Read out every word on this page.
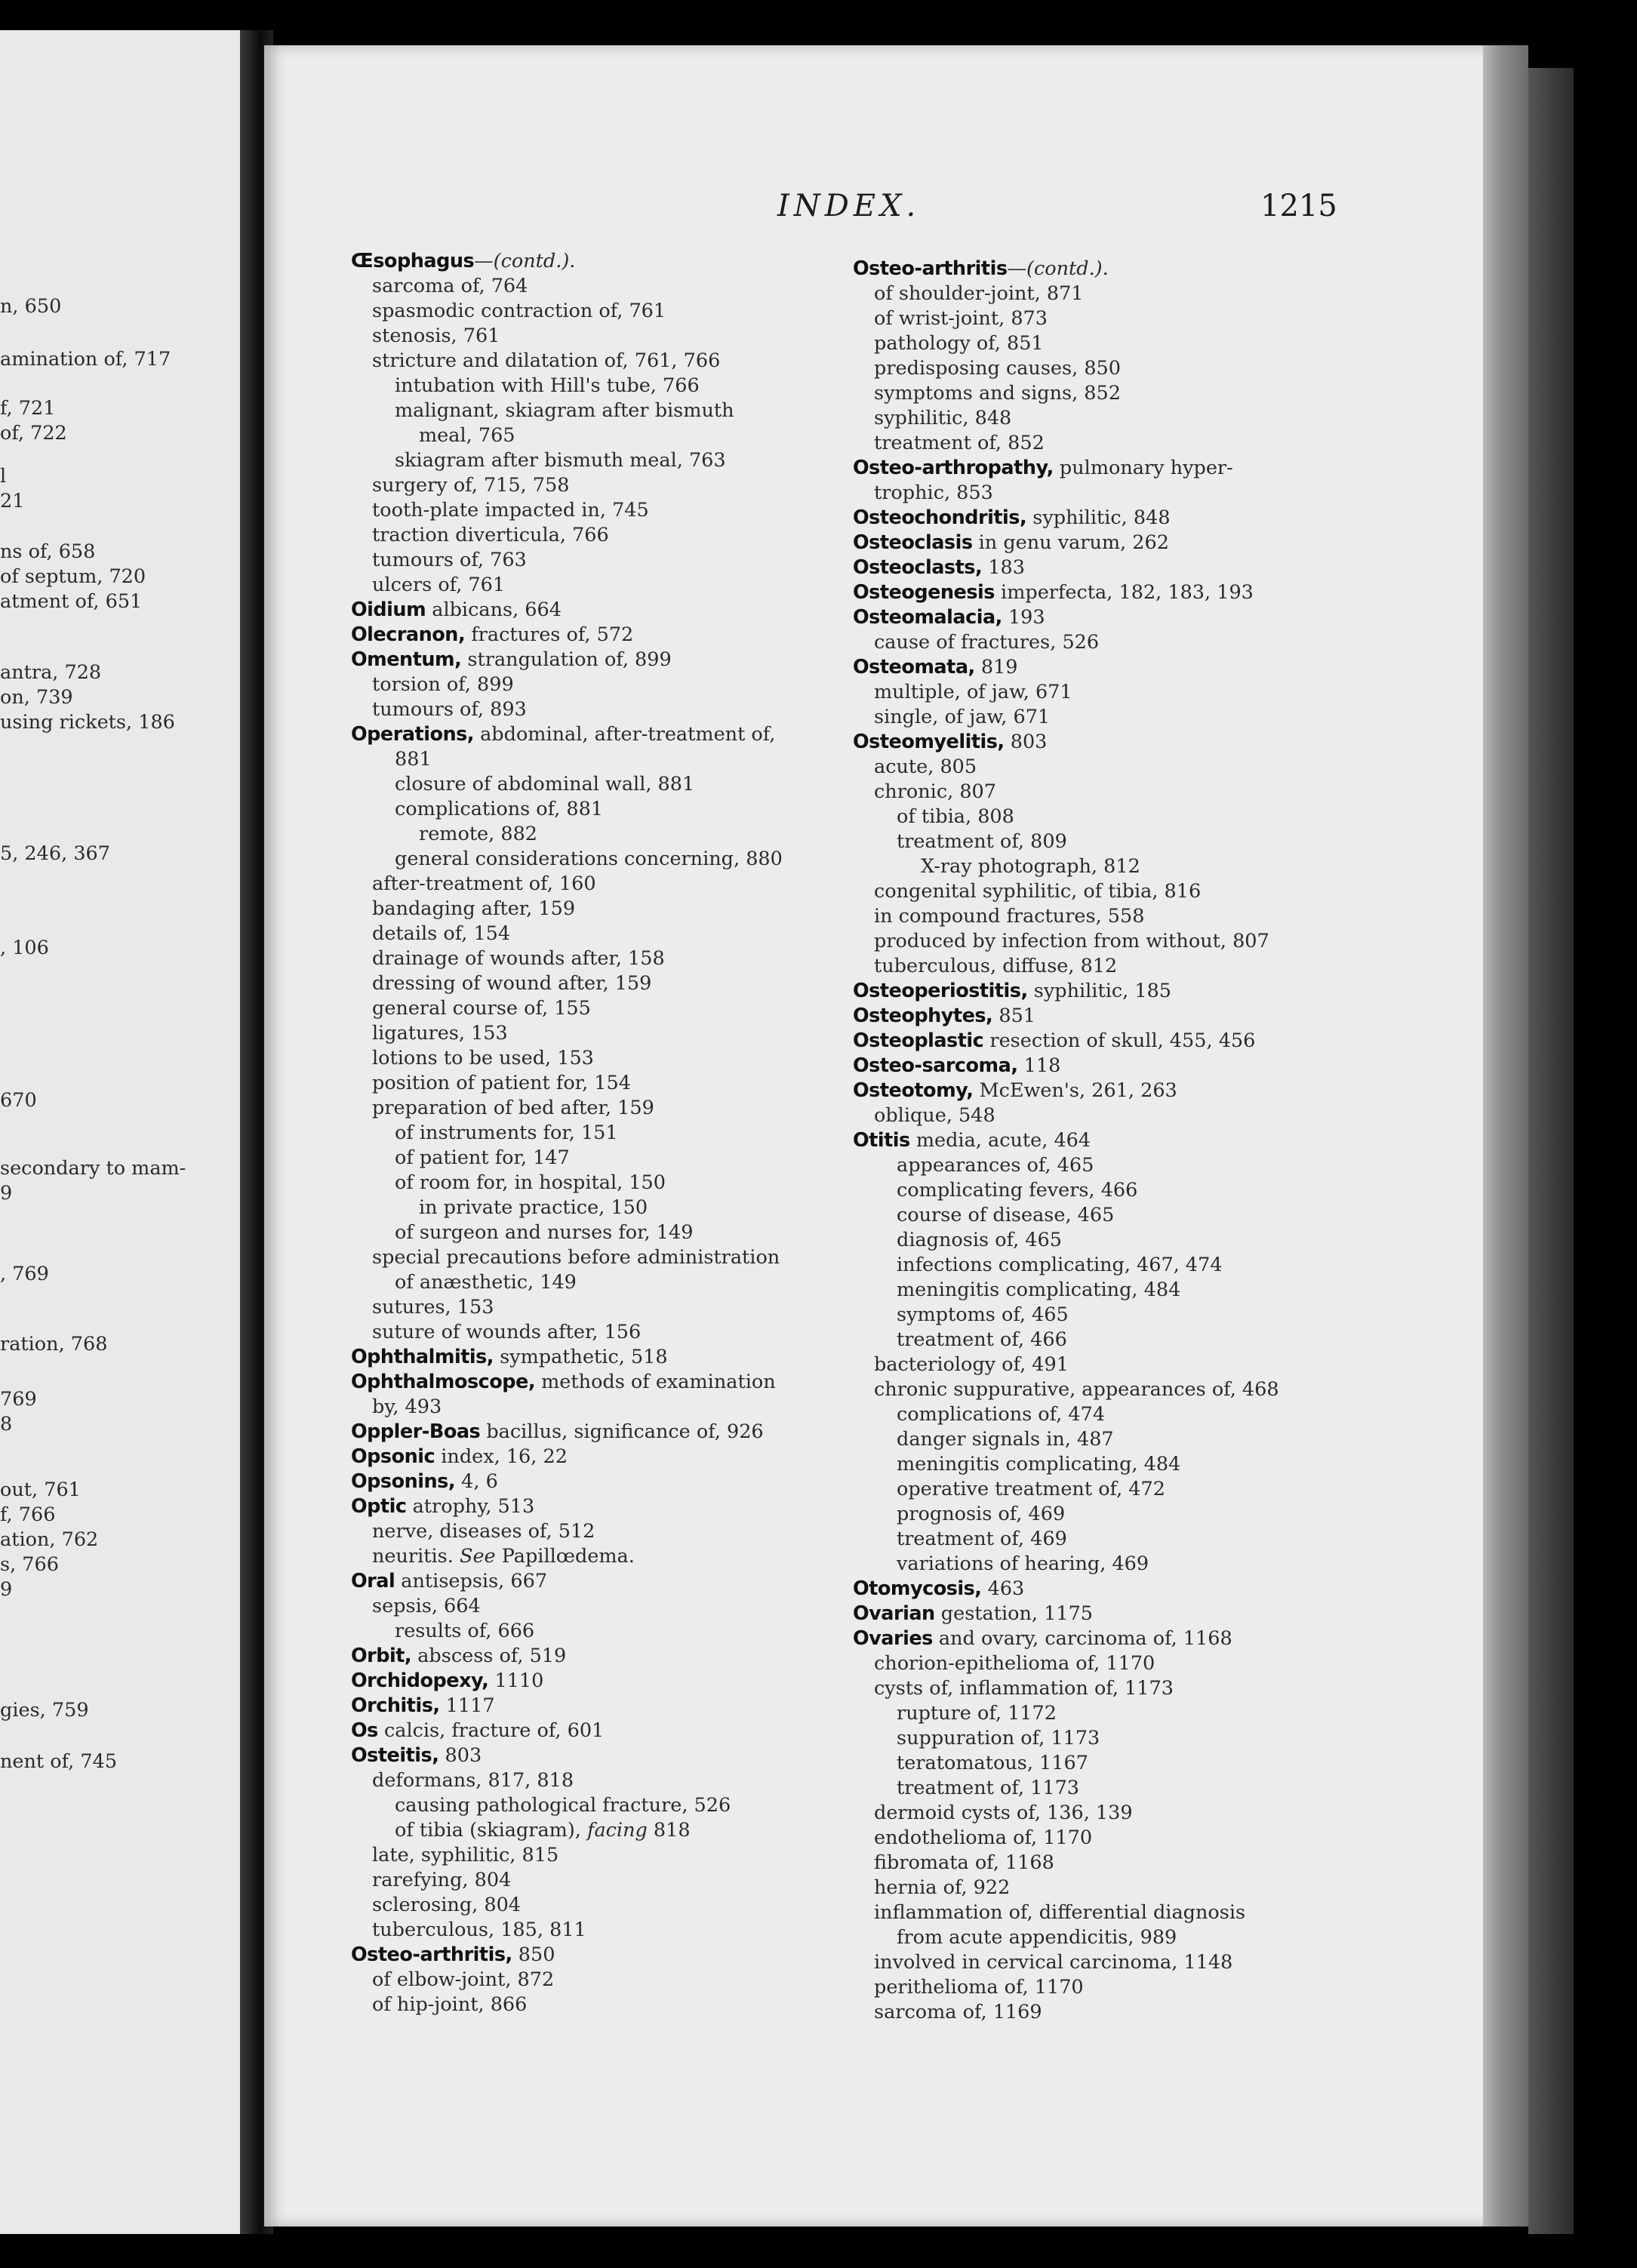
n, 650
amination of, 717
f, 721
of, 722
l
21
ns of, 658
of septum, 720
atment of, 651
antra, 728
on, 739
using rickets, 186
5, 246, 367
, 106
670
secondary to mam-
9
, 769
ration, 768
769
8
out, 761
f, 766
ation, 762
s, 766
9
gies, 759
nent of, 745
INDEX.	1215
Œsophagus—(contd.).
sarcoma of, 764
spasmodic contraction of, 761
stenosis, 761
stricture and dilatation of, 761, 766
intubation with Hill's tube, 766
malignant, skiagram after bismuth
meal, 765
skiagram after bismuth meal, 763
surgery of, 715, 758
tooth-plate impacted in, 745
traction diverticula, 766
tumours of, 763
ulcers of, 761
Oidium albicans, 664
Olecranon, fractures of, 572
Omentum, strangulation of, 899
torsion of, 899
tumours of, 893
Operations, abdominal, after-treatment of,
881
closure of abdominal wall, 881
complications of, 881
remote, 882
general considerations concerning, 880
after-treatment of, 160
bandaging after, 159
details of, 154
drainage of wounds after, 158
dressing of wound after, 159
general course of, 155
ligatures, 153
lotions to be used, 153
position of patient for, 154
preparation of bed after, 159
of instruments for, 151
of patient for, 147
of room for, in hospital, 150
in private practice, 150
of surgeon and nurses for, 149
special precautions before administration
of anæsthetic, 149
sutures, 153
suture of wounds after, 156
Ophthalmitis, sympathetic, 518
Ophthalmoscope, methods of examination
by, 493
Oppler-Boas bacillus, significance of, 926
Opsonic index, 16, 22
Opsonins, 4, 6
Optic atrophy, 513
nerve, diseases of, 512
neuritis. See Papillœdema.
Oral antisepsis, 667
sepsis, 664
results of, 666
Orbit, abscess of, 519
Orchidopexy, 1110
Orchitis, 1117
Os calcis, fracture of, 601
Osteitis, 803
deformans, 817, 818
causing pathological fracture, 526
of tibia (skiagram), facing 818
late, syphilitic, 815
rarefying, 804
sclerosing, 804
tuberculous, 185, 811
Osteo-arthritis, 850
of elbow-joint, 872
of hip-joint, 866
Osteo-arthritis—(contd.).
of shoulder-joint, 871
of wrist-joint, 873
pathology of, 851
predisposing causes, 850
symptoms and signs, 852
syphilitic, 848
treatment of, 852
Osteo-arthropathy, pulmonary hyper-
trophic, 853
Osteochondritis, syphilitic, 848
Osteoclasis in genu varum, 262
Osteoclasts, 183
Osteogenesis imperfecta, 182, 183, 193
Osteomalacia, 193
cause of fractures, 526
Osteomata, 819
multiple, of jaw, 671
single, of jaw, 671
Osteomyelitis, 803
acute, 805
chronic, 807
of tibia, 808
treatment of, 809
X-ray photograph, 812
congenital syphilitic, of tibia, 816
in compound fractures, 558
produced by infection from without, 807
tuberculous, diffuse, 812
Osteoperiostitis, syphilitic, 185
Osteophytes, 851
Osteoplastic resection of skull, 455, 456
Osteo-sarcoma, 118
Osteotomy, McEwen's, 261, 263
oblique, 548
Otitis media, acute, 464
appearances of, 465
complicating fevers, 466
course of disease, 465
diagnosis of, 465
infections complicating, 467, 474
meningitis complicating, 484
symptoms of, 465
treatment of, 466
bacteriology of, 491
chronic suppurative, appearances of, 468
complications of, 474
danger signals in, 487
meningitis complicating, 484
operative treatment of, 472
prognosis of, 469
treatment of, 469
variations of hearing, 469
Otomycosis, 463
Ovarian gestation, 1175
Ovaries and ovary, carcinoma of, 1168
chorion-epithelioma of, 1170
cysts of, inflammation of, 1173
rupture of, 1172
suppuration of, 1173
teratomatous, 1167
treatment of, 1173
dermoid cysts of, 136, 139
endothelioma of, 1170
fibromata of, 1168
hernia of, 922
inflammation of, differential diagnosis
from acute appendicitis, 989
involved in cervical carcinoma, 1148
perithelioma of, 1170
sarcoma of, 1169
